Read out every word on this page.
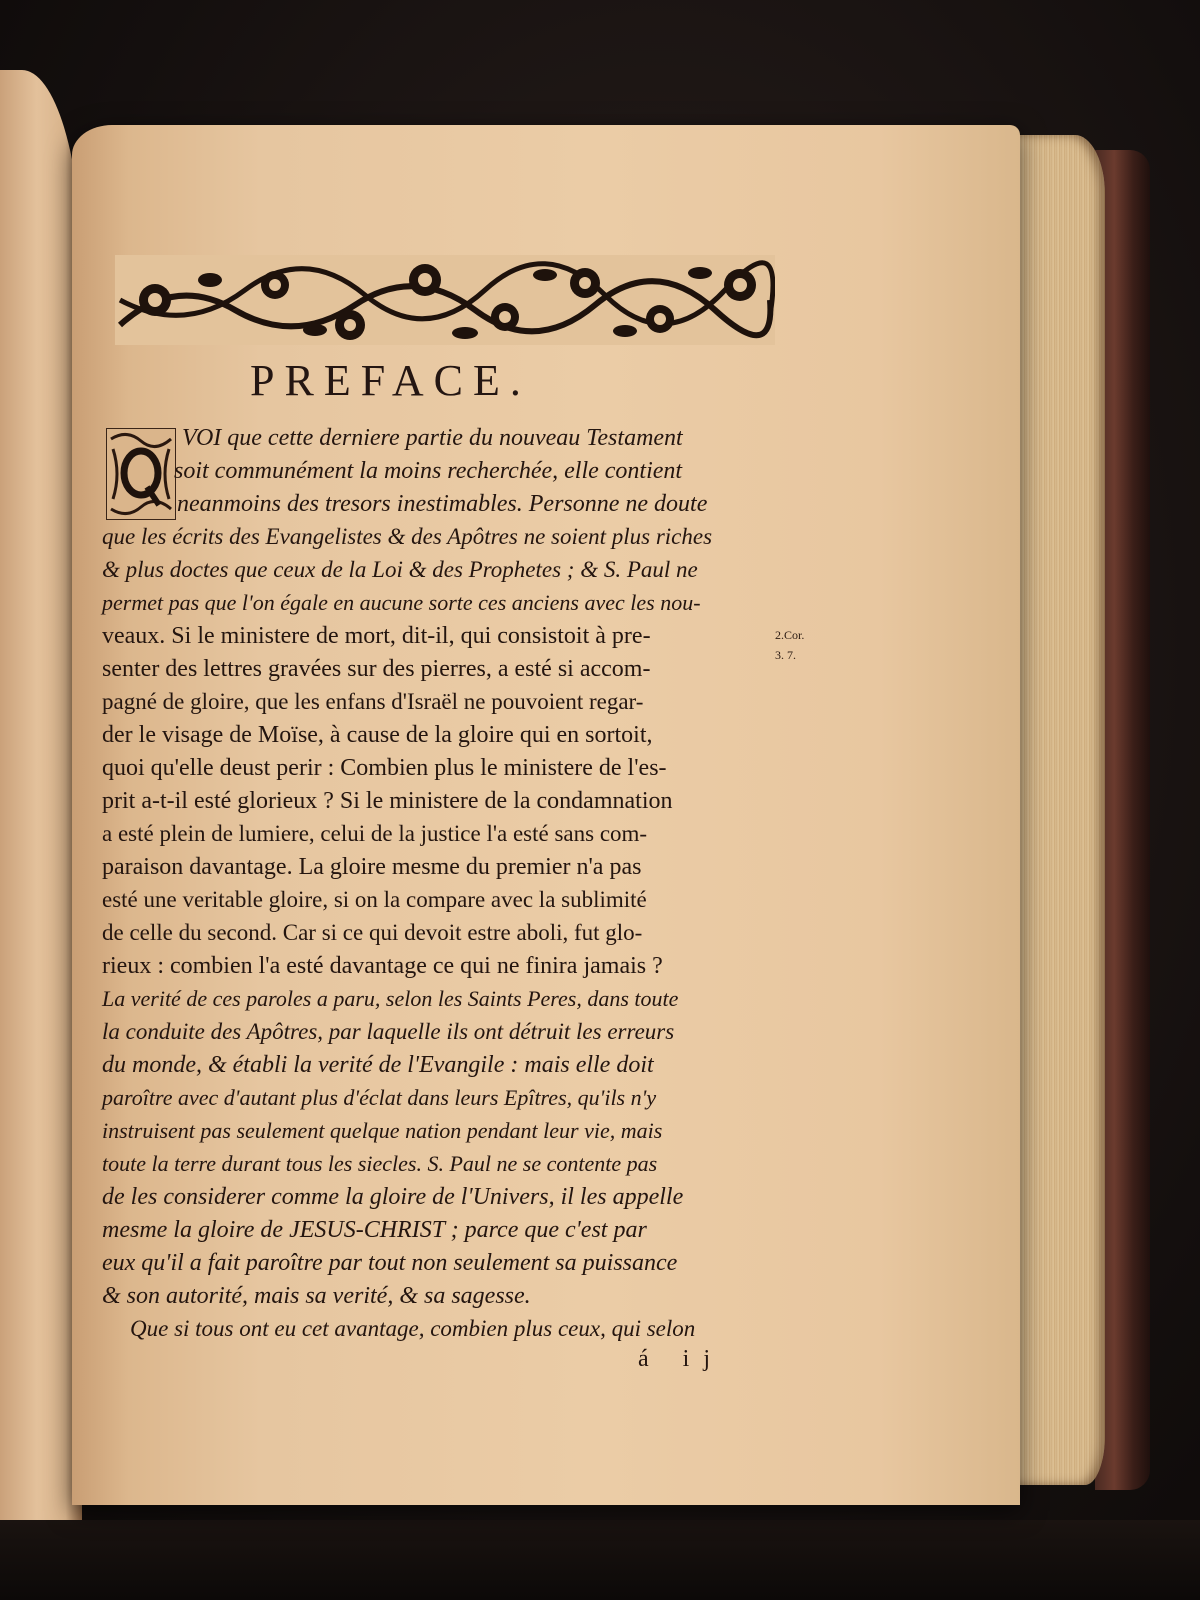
PREFACE.
VOI que cette derniere partie du nouveau Testament
soit communément la moins recherchée, elle contient
neanmoins des tresors inestimables. Personne ne doute
que les écrits des Evangelistes & des Apôtres ne soient plus riches
& plus doctes que ceux de la Loi & des Prophetes ; & S. Paul ne
permet pas que l'on égale en aucune sorte ces anciens avec les nou-
veaux. Si le ministere de mort, dit-il, qui consistoit à pre-
senter des lettres gravées sur des pierres, a esté si accom-
pagné de gloire, que les enfans d'Israël ne pouvoient regar-
der le visage de Moïse, à cause de la gloire qui en sortoit,
quoi qu'elle deust perir : Combien plus le ministere de l'es-
prit a-t-il esté glorieux ? Si le ministere de la condamnation
a esté plein de lumiere, celui de la justice l'a esté sans com-
paraison davantage. La gloire mesme du premier n'a pas
esté une veritable gloire, si on la compare avec la sublimité
de celle du second. Car si ce qui devoit estre aboli, fut glo-
rieux : combien l'a esté davantage ce qui ne finira jamais ?
La verité de ces paroles a paru, selon les Saints Peres, dans toute
la conduite des Apôtres, par laquelle ils ont détruit les erreurs
du monde, & établi la verité de l'Evangile : mais elle doit
paroître avec d'autant plus d'éclat dans leurs Epîtres, qu'ils n'y
instruisent pas seulement quelque nation pendant leur vie, mais
toute la terre durant tous les siecles. S. Paul ne se contente pas
de les considerer comme la gloire de l'Univers, il les appelle
mesme la gloire de JESUS-CHRIST ; parce que c'est par
eux qu'il a fait paroître par tout non seulement sa puissance
& son autorité, mais sa verité, & sa sagesse.
Que si tous ont eu cet avantage, combien plus ceux, qui selon
2.Cor.
3. 7.
á ij
